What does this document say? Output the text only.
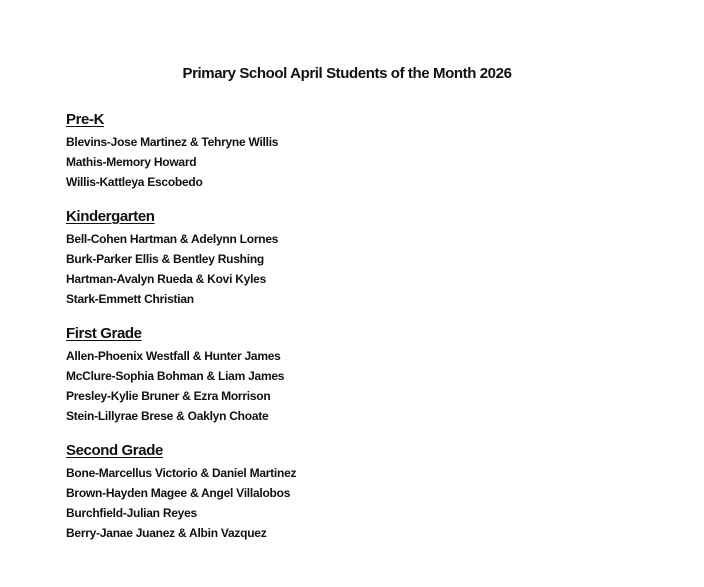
Primary School April Students of the Month 2026
Pre-K
Blevins-Jose Martinez & Tehryne Willis
Mathis-Memory Howard
Willis-Kattleya Escobedo
Kindergarten
Bell-Cohen Hartman & Adelynn Lornes
Burk-Parker Ellis & Bentley Rushing
Hartman-Avalyn Rueda & Kovi Kyles
Stark-Emmett Christian
First Grade
Allen-Phoenix Westfall & Hunter James
McClure-Sophia Bohman & Liam James
Presley-Kylie Bruner & Ezra Morrison
Stein-Lillyrae Brese & Oaklyn Choate
Second Grade
Bone-Marcellus Victorio & Daniel Martinez
Brown-Hayden Magee & Angel Villalobos
Burchfield-Julian Reyes
Berry-Janae Juanez & Albin Vazquez
